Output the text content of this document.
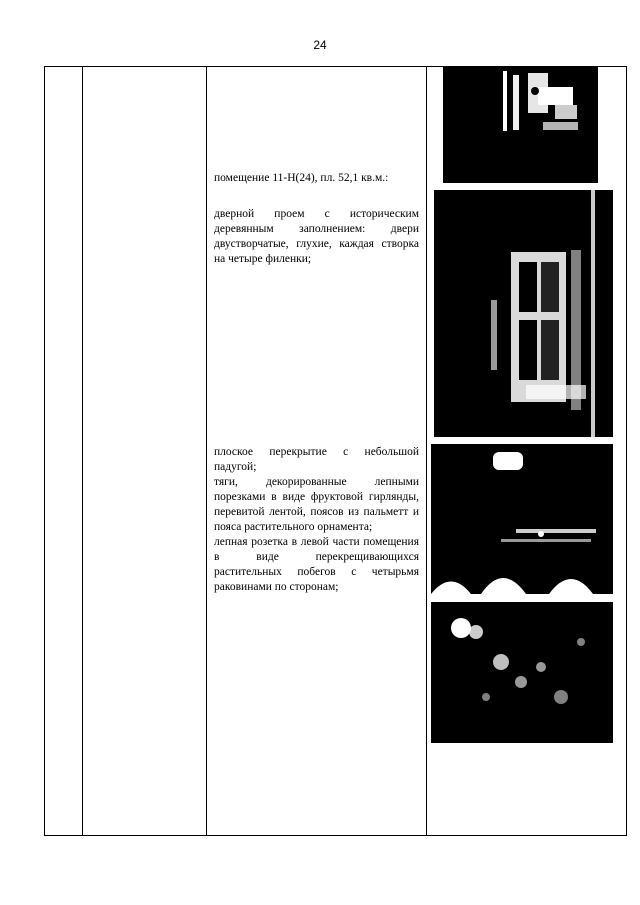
24

помещение 11-Н(24), пл. 52,1 кв.м.:

дверной проем с историческим деревянным заполнением: двери двустворчатые, глухие, каждая створка на четыре филенки;

плоское перекрытие с небольшой падугой;

тяги, декорированные лепными порезками в виде фруктовой гирлянды, перевитой лентой, поясов из пальметт и пояса растительного орнамента;

лепная розетка в левой части помещения в виде перекрещивающихся растительных побегов с четырьмя раковинами по сторонам;
